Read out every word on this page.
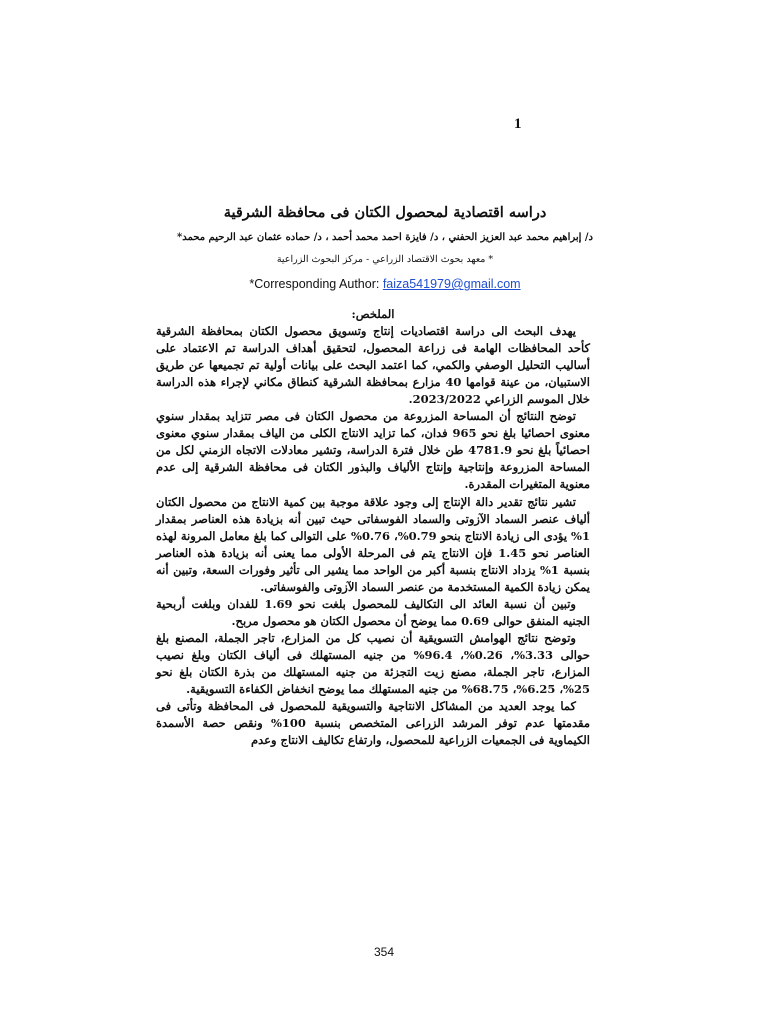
1
دراسه اقتصادية لمحصول الكتان فى محافظة الشرقية
د/ إبراهيم محمد عبد العزيز الحفني ، د/ فايزة احمد محمد أحمد ، د/ حماده عثمان عبد الرحيم محمد*
* معهد بحوث الاقتصاد الزراعي - مركز البحوث الزراعية
*Corresponding Author: faiza541979@gmail.com
الملخص:

يهدف البحث الى دراسة اقتصاديات إنتاج وتسويق محصول الكتان بمحافظة الشرقية كأحد المحافظات الهامة فى زراعة المحصول، لتحقيق أهداف الدراسة تم الاعتماد على أساليب التحليل الوصفي والكمي، كما اعتمد البحث على بيانات أولية تم تجميعها عن طريق الاستبيان، من عينة قوامها 40 مزارع بمحافظة الشرقية كنطاق مكاني لإجراء هذه الدراسة خلال الموسم الزراعي 2023/2022.

توضح النتائج أن المساحة المزروعة من محصول الكتان فى مصر تتزايد بمقدار سنوي معنوى احصائيا بلغ نحو 965 فدان، كما تزايد الانتاج الكلى من الياف بمقدار سنوي معنوى احصائياً بلغ نحو 4781.9 طن خلال فترة الدراسة، وتشير معادلات الاتجاه الزمني لكل من المساحة المزروعة وإنتاجية وإنتاج الألياف والبذور الكتان فى محافظة الشرقية إلى عدم معنوية المتغيرات المقدرة.

تشير نتائج تقدير دالة الإنتاج إلى وجود علاقة موجبة بين كمية الانتاج من محصول الكتان ألياف عنصر السماد الآزوتى والسماد الفوسفاتى حيث تبين أنه بزيادة هذه العناصر بمقدار 1% يؤدى الى زيادة الانتاج بنحو 0.79%، 0.76% على التوالى كما بلغ معامل المرونة لهذه العناصر نحو 1.45 فإن الانتاج يتم فى المرحلة الأولى مما يعنى أنه بزيادة هذه العناصر بنسبة 1% يزداد الانتاج بنسبة أكبر من الواحد مما يشير الى تأثير وفورات السعة، وتبين أنه يمكن زيادة الكمية المستخدمة من عنصر السماد الآزوتى والفوسفاتى.

وتبين أن نسبة العائد الى التكاليف للمحصول بلغت نحو 1.69 للفدان وبلغت أربحية الجنيه المنفق حوالى 0.69 مما يوضح أن محصول الكتان هو محصول مربح.

وتوضح نتائج الهوامش التسويقية أن نصيب كل من المزارع، تاجر الجملة، المصنع بلغ حوالى 3.33%، 0.26%، 96.4% من جنيه المستهلك فى ألياف الكتان وبلغ نصيب المزارع، تاجر الجملة، مصنع زيت التجزئة من جنيه المستهلك من بذرة الكتان بلغ نحو 25%، 6.25%، 68.75% من جنيه المستهلك مما يوضح انخفاض الكفاءة التسويقية.

كما يوجد العديد من المشاكل الانتاجية والتسويقية للمحصول فى المحافظة وتأتى فى مقدمتها عدم توفر المرشد الزراعى المتخصص بنسبة 100% ونقص حصة الأسمدة الكيماوية فى الجمعيات الزراعية للمحصول، وارتفاع تكاليف الانتاج وعدم

354
